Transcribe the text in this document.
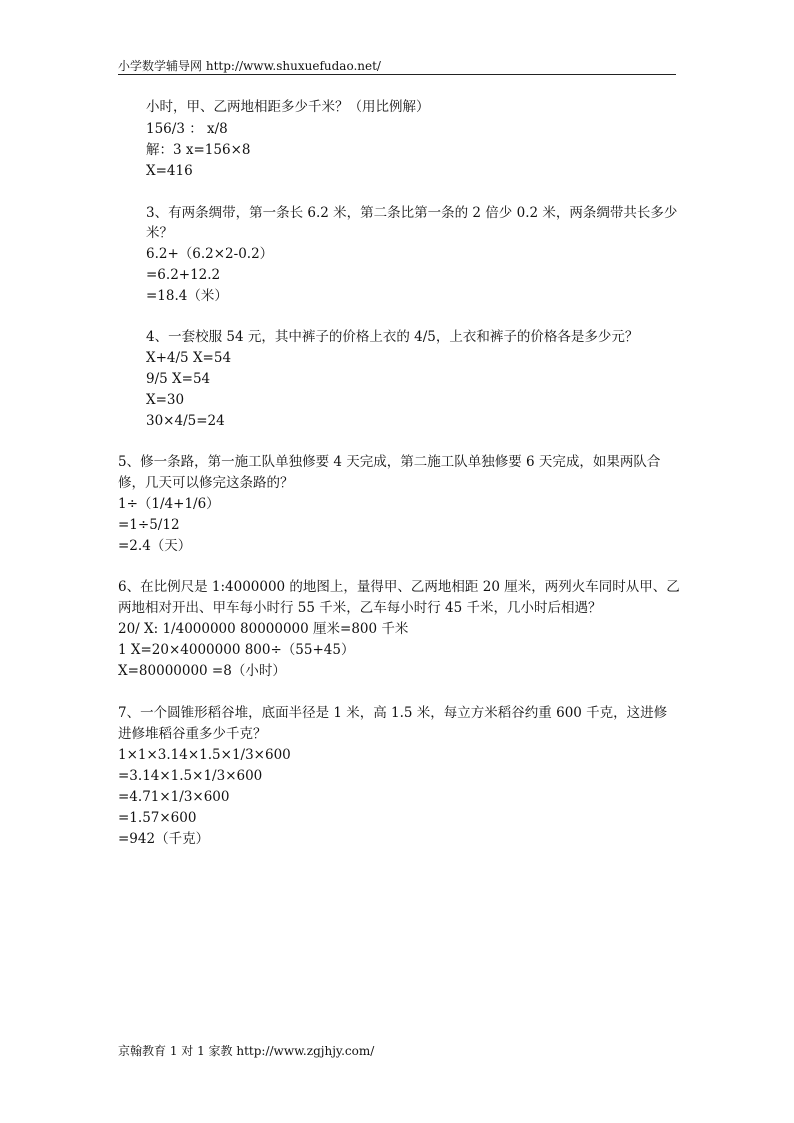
小学数学辅导网 http://www.shuxuefudao.net/
小时，甲、乙两地相距多少千米？（用比例解）
156/3 ： x/8
解：3 x=156×8
X=416
3、有两条绸带，第一条长 6.2 米，第二条比第一条的 2 倍少 0.2 米，两条绸带共长多少
米？
6.2+（6.2×2-0.2）
=6.2+12.2
=18.4（米）
4、一套校服 54 元，其中裤子的价格上衣的 4/5，上衣和裤子的价格各是多少元？
X+4/5 X=54
9/5 X=54
X=30
30×4/5=24
5、修一条路，第一施工队单独修要 4 天完成，第二施工队单独修要 6 天完成，如果两队合
修，几天可以修完这条路的？
1÷（1/4+1/6）
=1÷5/12
=2.4（天）
6、在比例尺是 1:4000000 的地图上，量得甲、乙两地相距 20 厘米，两列火车同时从甲、乙
两地相对开出、甲车每小时行 55 千米，乙车每小时行 45 千米，几小时后相遇？
20/ X: 1/4000000 80000000 厘米=800 千米
1 X=20×4000000 800÷（55+45）
X=80000000 =8（小时）
7、一个圆锥形稻谷堆，底面半径是 1 米，高 1.5 米，每立方米稻谷约重 600 千克，这进修
进修堆稻谷重多少千克？
1×1×3.14×1.5×1/3×600
=3.14×1.5×1/3×600
=4.71×1/3×600
=1.57×600
=942（千克）
京翰教育 1 对 1 家教 http://www.zgjhjy.com/
